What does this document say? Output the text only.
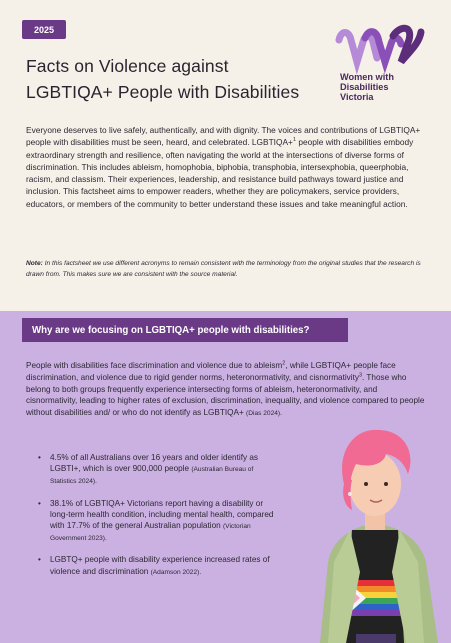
2025
Facts on Violence against
LGBTIQA+ People with Disabilities
Women with
Disabilities
Victoria

Everyone deserves to live safely, authentically, and with dignity. The voices and contributions of LGBTIQA+ people with disabilities must be seen, heard, and celebrated. LGBTIQA+$^1$ people with disabilities embody extraordinary strength and resilience, often navigating the world at the intersections of diverse forms of discrimination. This includes ableism, homophobia, biphobia, transphobia, intersexphobia, queerphobia, racism, and classism. Their experiences, leadership, and resistance build pathways toward justice and inclusion. This factsheet aims to empower readers, whether they are policymakers, service providers, educators, or members of the community to better understand these issues and take meaningful action.

Note: In this factsheet we use different acronyms to remain consistent with the terminology from the original studies that the research is drawn from. This makes sure we are consistent with the source material.

Why are we focusing on LGBTIQA+ people with disabilities?

People with disabilities face discrimination and violence due to ableism$^2$, while LGBTIQA+ people face discrimination, and violence due to rigid gender norms, heteronormativity, and cisnormativity$^3$. Those who belong to both groups frequently experience intersecting forms of ableism, heteronormativity, and cisnormativity, leading to higher rates of exclusion, discrimination, inequality, and violence compared to people without disabilities and/ or who do not identify as LGBTIQA+ (Dias 2024).

• 4.5% of all Australians over 16 years and older identify as LGBTI+, which is over 900,000 people (Australian Bureau of Statistics 2024).
• 38.1% of LGBTIQA+ Victorians report having a disability or long-term health condition, including mental health, compared with 17.7% of the general Australian population (Victorian Government 2023).
• LGBTQ+ people with disability experience increased rates of violence and discrimination (Adamson 2022).
